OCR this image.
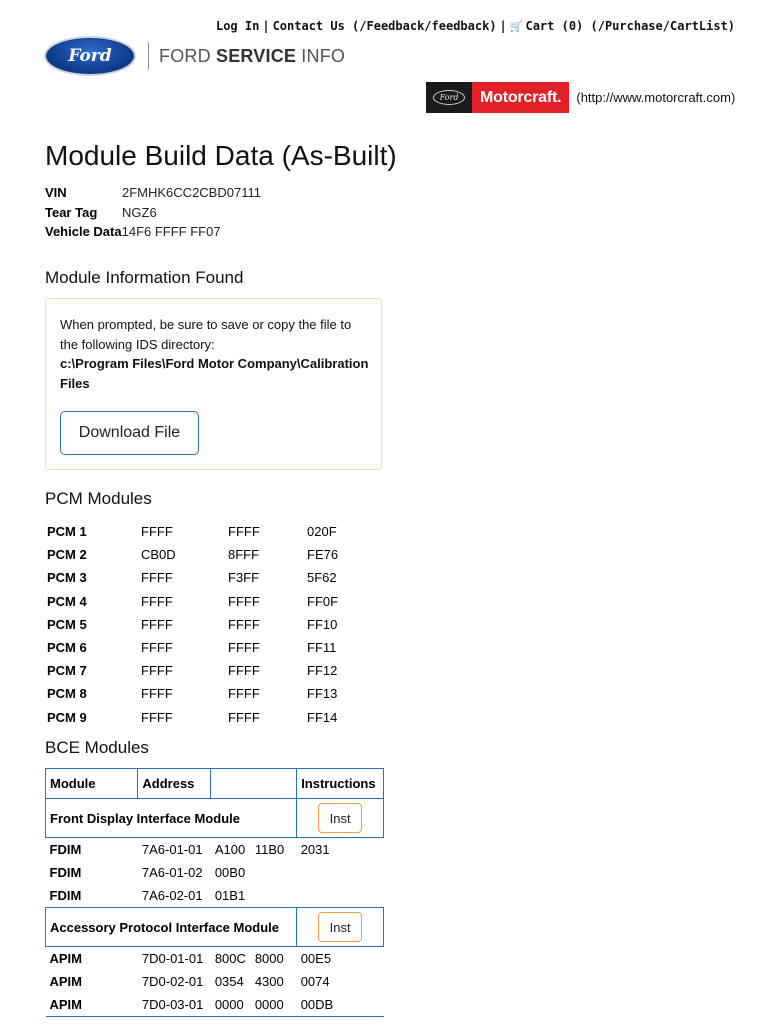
Log In | Contact Us (/Feedback/feedback) | 🛒 Cart (0) (/Purchase/CartList)
Ford	FORD SERVICE INFO
Ford	Motorcraft.	(http://www.motorcraft.com)
Module Build Data (As-Built)
VIN	2FMHK6CC2CBD07111
Tear Tag	NGZ6
Vehicle Data 14F6 FFFF FF07
Module Information Found
When prompted, be sure to save or copy the file to the following IDS directory:
c:\Program Files\Ford Motor Company\Calibration Files
Download File
PCM Modules
PCM 1	FFFF	FFFF	020F
PCM 2	CB0D	8FFF	FE76
PCM 3	FFFF	F3FF	5F62
PCM 4	FFFF	FFFF	FF0F
PCM 5	FFFF	FFFF	FF10
PCM 6	FFFF	FFFF	FF11
PCM 7	FFFF	FFFF	FF12
PCM 8	FFFF	FFFF	FF13
PCM 9	FFFF	FFFF	FF14
BCE Modules
Module	Address		Instructions
Front Display Interface Module			Inst
FDIM	7A6-01-01	A100 11B0	2031
FDIM	7A6-01-02	00B0	
FDIM	7A6-02-01	01B1	
Accessory Protocol Interface Module			Inst
APIM	7D0-01-01	800C 8000	00E5
APIM	7D0-02-01	0354 4300	0074
APIM	7D0-03-01	0000 0000	00DB
